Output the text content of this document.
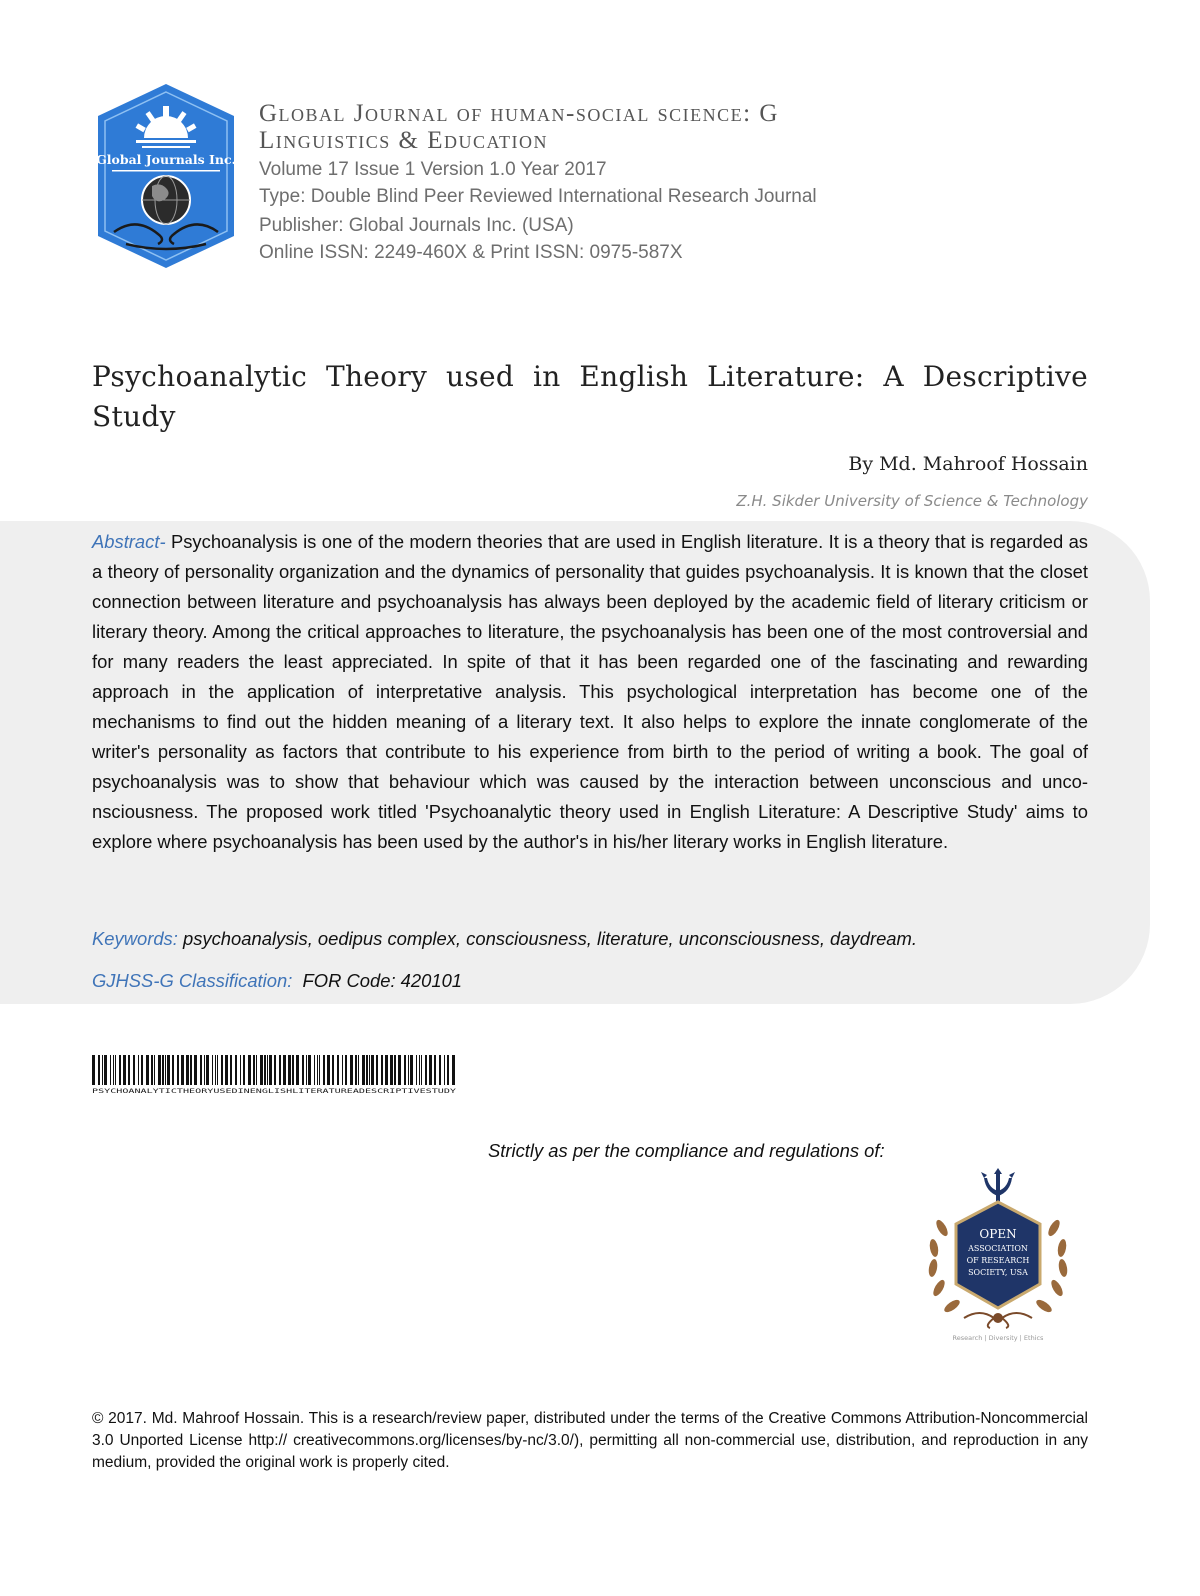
Global Journals Inc.
Global Journal of human-social science: G
Linguistics & Education
Volume 17 Issue 1 Version 1.0 Year 2017
Type: Double Blind Peer Reviewed International Research Journal
Publisher: Global Journals Inc. (USA)
Online ISSN: 2249-460X & Print ISSN: 0975-587X
Psychoanalytic Theory used in English Literature: A Descriptive Study
By Md. Mahroof Hossain
Z.H. Sikder University of Science & Technology
Abstract- Psychoanalysis is one of the modern theories that are used in English literature. It is a theory that is regarded as a theory of personality organization and the dynamics of personality that guides psychoanalysis. It is known that the closet connection between literature and psychoanalysis has always been deployed by the academic field of literary criticism or literary theory. Among the critical approaches to literature, the psychoanalysis has been one of the most controversial and for many readers the least appreciated. In spite of that it has been regarded one of the fascinating and rewarding approach in the application of interpretative analysis. This psychological interpretation has become one of the mechanisms to find out the hidden meaning of a literary text. It also helps to explore the innate conglomerate of the writer's personality as factors that contribute to his experience from birth to the period of writing a book. The goal of psychoanalysis was to show that behaviour which was caused by the interaction between unconscious and unco-nsciousness. The proposed work titled 'Psychoanalytic theory used in English Literature: A Descriptive Study' aims to explore where psychoanalysis has been used by the author's in his/her literary works in English literature.
Keywords: psychoanalysis, oedipus complex, consciousness, literature, unconsciousness, daydream.
GJHSS-G Classification: FOR Code: 420101
PSYCHOANALYTICTHEORYUSEDINENGLISHLITERATUREADESCRIPTIVESTUDY
Strictly as per the compliance and regulations of:
OPEN
ASSOCIATION
OF RESEARCH
SOCIETY, USA
Research | Diversity | Ethics
© 2017. Md. Mahroof Hossain. This is a research/review paper, distributed under the terms of the Creative Commons Attribution-Noncommercial 3.0 Unported License http:// creativecommons.org/licenses/by-nc/3.0/), permitting all non-commercial use, distribution, and reproduction in any medium, provided the original work is properly cited.
